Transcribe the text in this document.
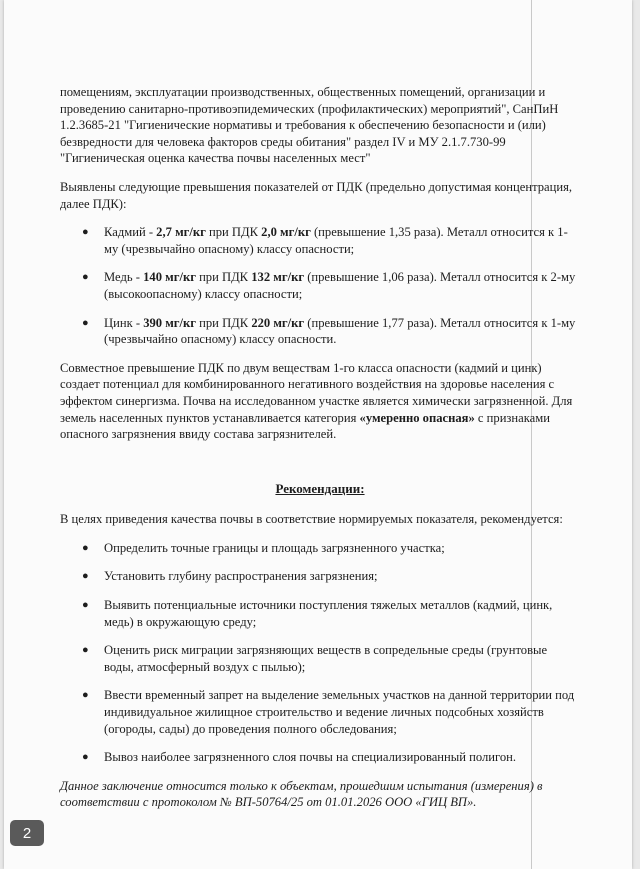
помещениям, эксплуатации производственных, общественных помещений, организации и проведению санитарно-противоэпидемических (профилактических) мероприятий", СанПиН 1.2.3685-21 "Гигиенические нормативы и требования к обеспечению безопасности и (или) безвредности для человека факторов среды обитания" раздел IV и МУ 2.1.7.730-99 "Гигиеническая оценка качества почвы населенных мест"

Выявлены следующие превышения показателей от ПДК (предельно допустимая концентрация, далее ПДК):

● Кадмий - 2,7 мг/кг при ПДК 2,0 мг/кг (превышение 1,35 раза). Металл относится к 1-му (чрезвычайно опасному) классу опасности;
● Медь - 140 мг/кг при ПДК 132 мг/кг (превышение 1,06 раза). Металл относится к 2-му (высокоопасному) классу опасности;
● Цинк - 390 мг/кг при ПДК 220 мг/кг (превышение 1,77 раза). Металл относится к 1-му (чрезвычайно опасному) классу опасности.

Совместное превышение ПДК по двум веществам 1-го класса опасности (кадмий и цинк) создает потенциал для комбинированного негативного воздействия на здоровье населения с эффектом синергизма. Почва на исследованном участке является химически загрязненной. Для земель населенных пунктов устанавливается категория «умеренно опасная» с признаками опасного загрязнения ввиду состава загрязнителей.

Рекомендации:

В целях приведения качества почвы в соответствие нормируемых показателя, рекомендуется:

● Определить точные границы и площадь загрязненного участка;
● Установить глубину распространения загрязнения;
● Выявить потенциальные источники поступления тяжелых металлов (кадмий, цинк, медь) в окружающую среду;
● Оценить риск миграции загрязняющих веществ в сопредельные среды (грунтовые воды, атмосферный воздух с пылью);
● Ввести временный запрет на выделение земельных участков на данной территории под индивидуальное жилищное строительство и ведение личных подсобных хозяйств (огороды, сады) до проведения полного обследования;
● Вывоз наиболее загрязненного слоя почвы на специализированный полигон.

Данное заключение относится только к объектам, прошедшим испытания (измерения) в соответствии с протоколом № ВП-50764/25 от 01.01.2026 ООО «ГИЦ ВП».

2
